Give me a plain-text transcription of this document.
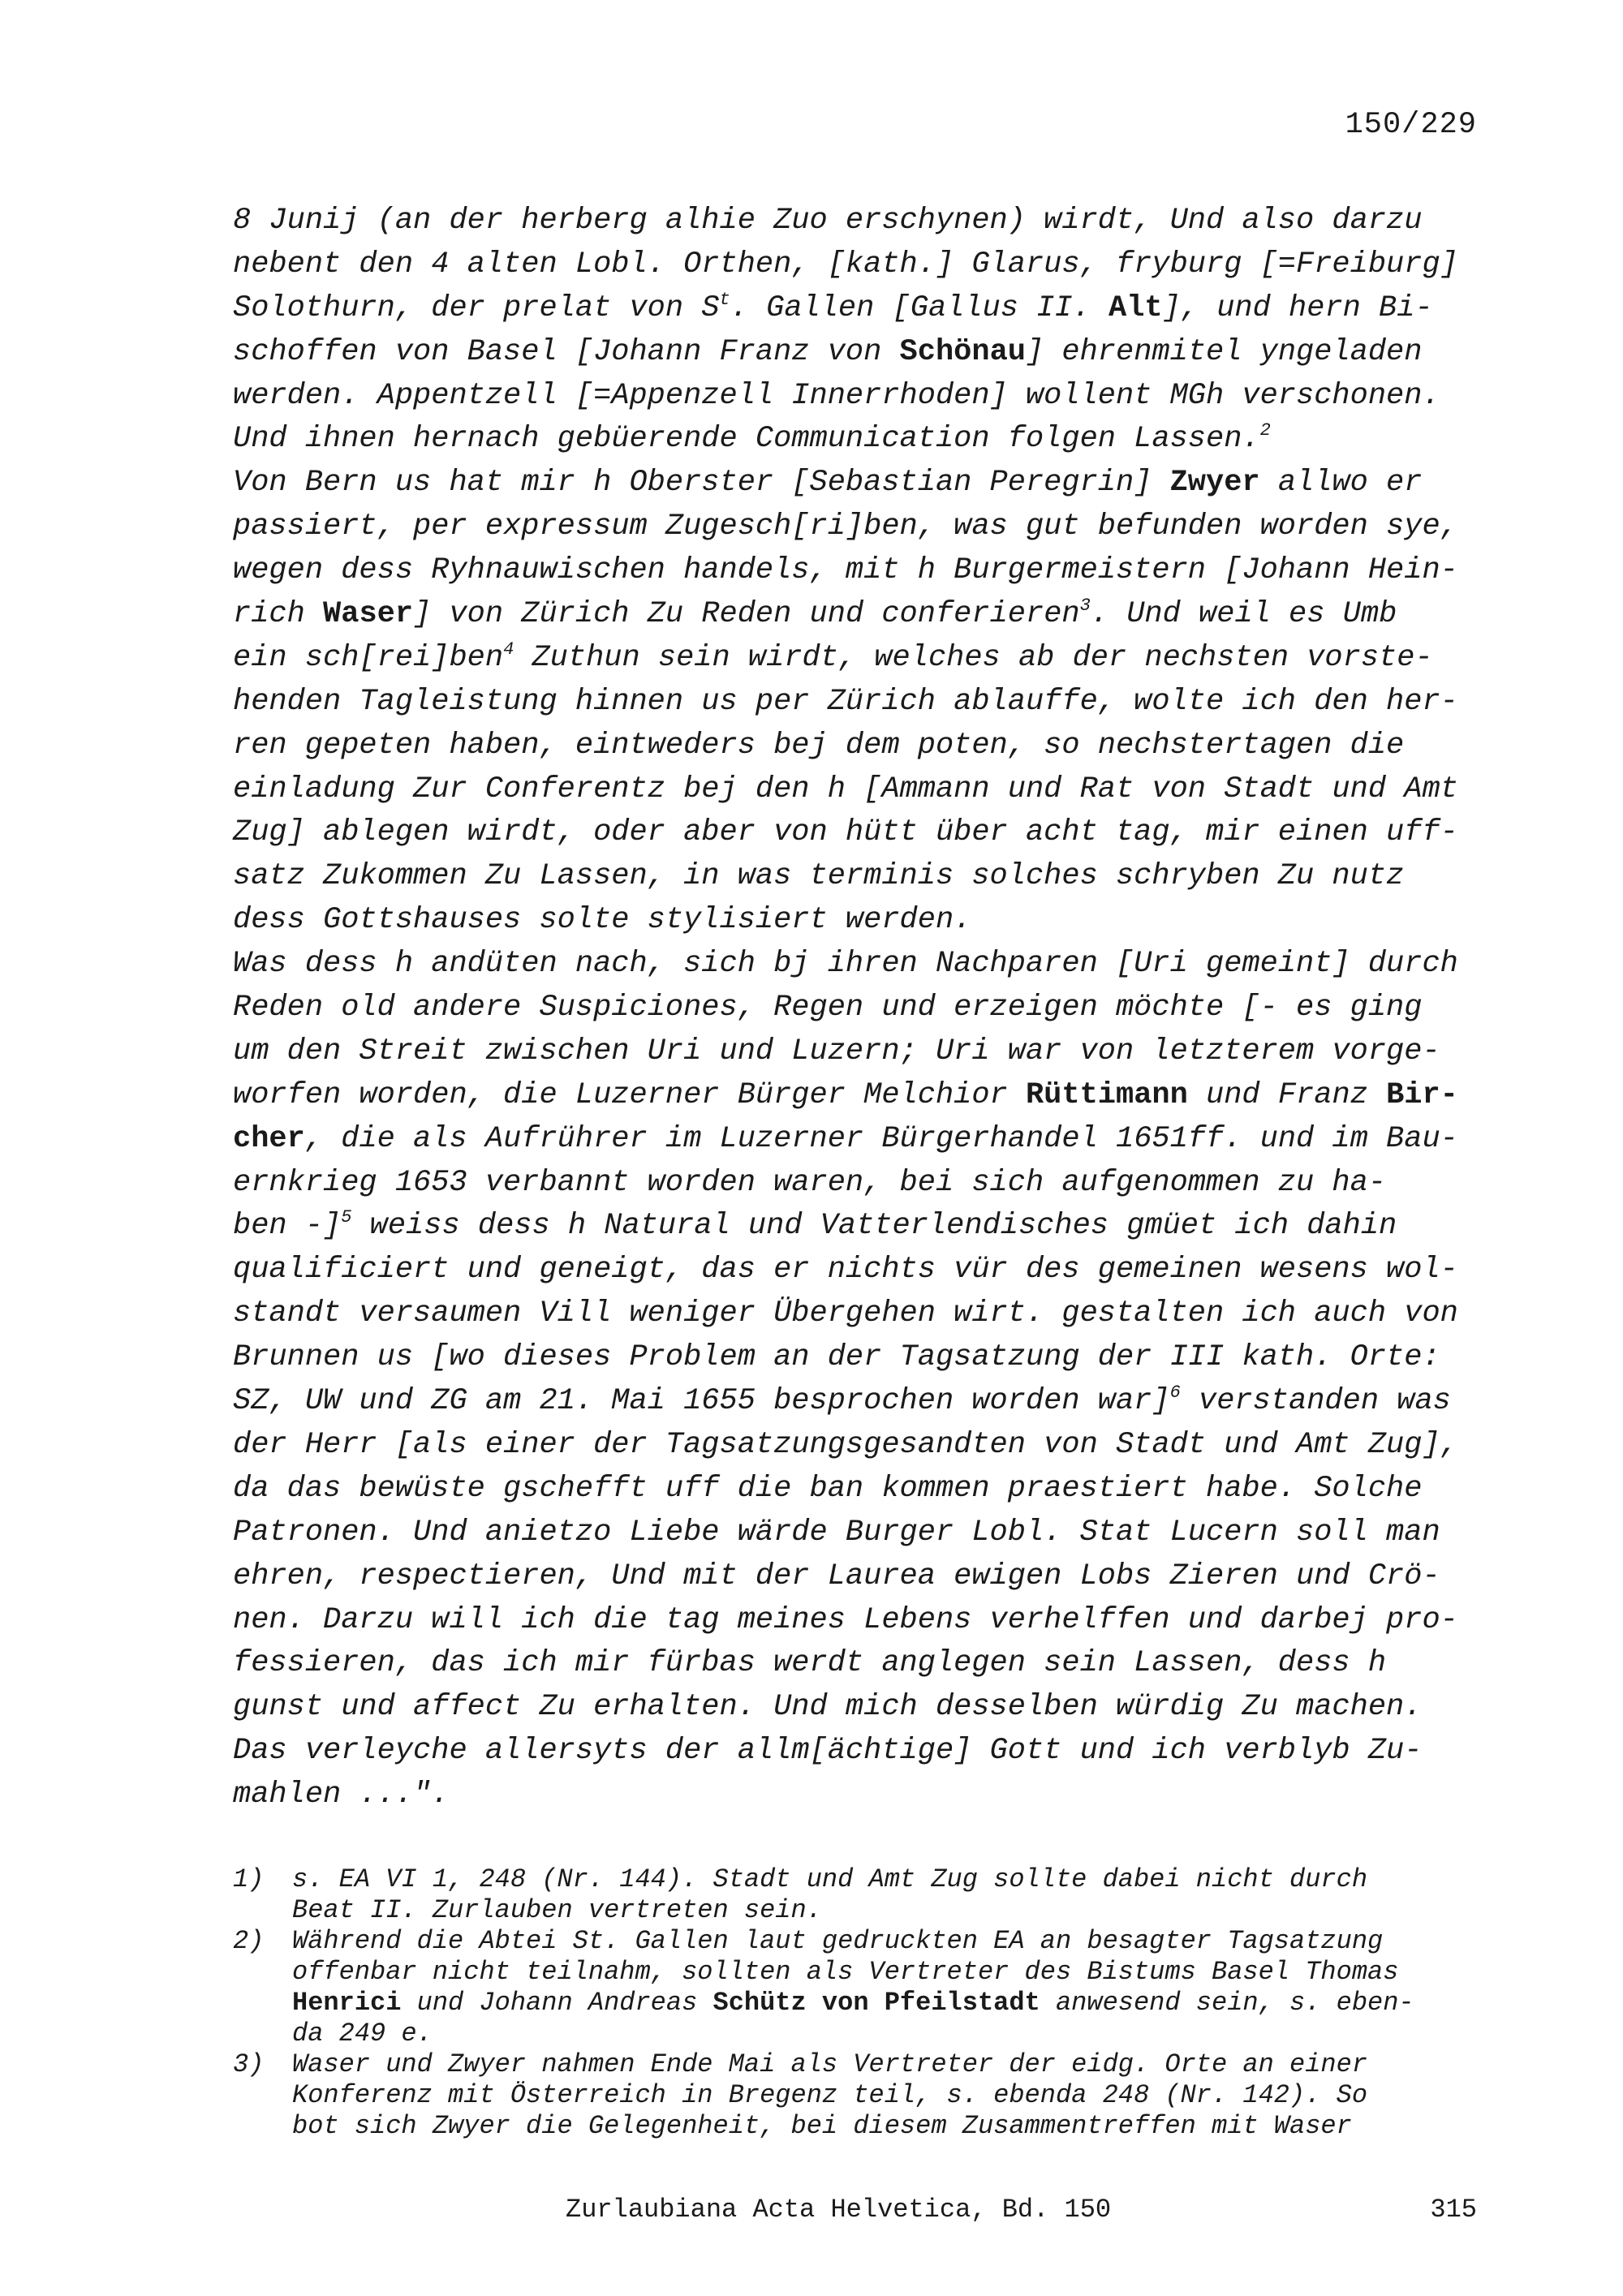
150/229
8 Junij (an der herberg alhie Zuo erschynen) wirdt, Und also darzu
nebent den 4 alten Lobl. Orthen, [kath.] Glarus, fryburg [=Freiburg]
Solothurn, der prelat von $S^t$. Gallen [Gallus II. Alt], und hern Bi-
schoffen von Basel [Johann Franz von Schönau] ehrenmitel yngeladen
werden. Appentzell [=Appenzell Innerrhoden] wollent MGh verschonen.
Und ihnen hernach gebüerende Communication folgen Lassen.$^2$
Von Bern us hat mir h Oberster [Sebastian Peregrin] Zwyer allwo er
passiert, per expressum Zugesch[ri]ben, was gut befunden worden sye,
wegen dess Ryhnauwischen handels, mit h Burgermeistern [Johann Hein-
rich Waser] von Zürich Zu Reden und conferieren$^3$. Und weil es Umb
ein sch[rei]ben$^4$ Zuthun sein wirdt, welches ab der nechsten vorste-
henden Tagleistung hinnen us per Zürich ablauffe, wolte ich den her-
ren gepeten haben, eintweders bej dem poten, so nechstertagen die
einladung Zur Conferentz bej den h [Ammann und Rat von Stadt und Amt
Zug] ablegen wirdt, oder aber von hütt über acht tag, mir einen uff-
satz Zukommen Zu Lassen, in was terminis solches schryben Zu nutz
dess Gottshauses solte stylisiert werden.
Was dess h andüten nach, sich bj ihren Nachparen [Uri gemeint] durch
Reden old andere Suspiciones, Regen und erzeigen möchte [- es ging
um den Streit zwischen Uri und Luzern; Uri war von letzterem vorge-
worfen worden, die Luzerner Bürger Melchior Rüttimann und Franz Bir-
cher, die als Aufrührer im Luzerner Bürgerhandel 1651ff. und im Bau-
ernkrieg 1653 verbannt worden waren, bei sich aufgenommen zu ha-
ben -]$^5$ weiss dess h Natural und Vatterlendisches gmüet ich dahin
qualificiert und geneigt, das er nichts vür des gemeinen wesens wol-
standt versaumen Vill weniger Übergehen wirt. gestalten ich auch von
Brunnen us [wo dieses Problem an der Tagsatzung der III kath. Orte:
SZ, UW und ZG am 21. Mai 1655 besprochen worden war]$^6$ verstanden was
der Herr [als einer der Tagsatzungsgesandten von Stadt und Amt Zug],
da das bewüste gschefft uff die ban kommen praestiert habe. Solche
Patronen. Und anietzo Liebe wärde Burger Lobl. Stat Lucern soll man
ehren, respectieren, Und mit der Laurea ewigen Lobs Zieren und Crö-
nen. Darzu will ich die tag meines Lebens verhelffen und darbej pro-
fessieren, das ich mir fürbas werdt anglegen sein Lassen, dess h
gunst und affect Zu erhalten. Und mich desselben würdig Zu machen.
Das verleyche allersyts der allm[ächtige] Gott und ich verblyb Zu-
mahlen ...".
1) s. EA VI 1, 248 (Nr. 144). Stadt und Amt Zug sollte dabei nicht durch
Beat II. Zurlauben vertreten sein.
2) Während die Abtei St. Gallen laut gedruckten EA an besagter Tagsatzung
offenbar nicht teilnahm, sollten als Vertreter des Bistums Basel Thomas
Henrici und Johann Andreas Schütz von Pfeilstadt anwesend sein, s. eben-
da 249 e.
3) Waser und Zwyer nahmen Ende Mai als Vertreter der eidg. Orte an einer
Konferenz mit Österreich in Bregenz teil, s. ebenda 248 (Nr. 142). So
bot sich Zwyer die Gelegenheit, bei diesem Zusammentreffen mit Waser
Zurlaubiana Acta Helvetica, Bd. 150	315
